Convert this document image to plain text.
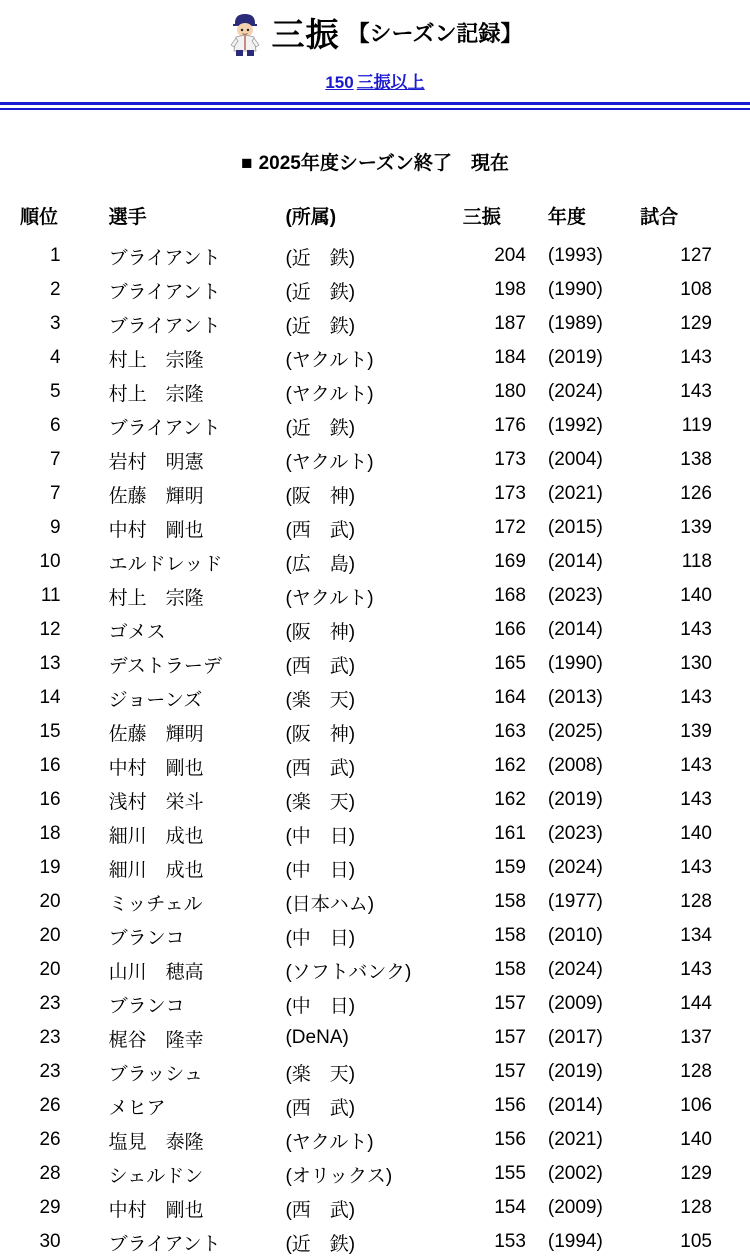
三振 【シーズン記録】
150 三振以上
■ 2025年度シーズン終了　現在
順位	選手	(所属)	三振	年度	試合
1	ブライアント	(近　鉄)	204	(1993)	127
2	ブライアント	(近　鉄)	198	(1990)	108
3	ブライアント	(近　鉄)	187	(1989)	129
4	村上　宗隆	(ヤクルト)	184	(2019)	143
5	村上　宗隆	(ヤクルト)	180	(2024)	143
6	ブライアント	(近　鉄)	176	(1992)	119
7	岩村　明憲	(ヤクルト)	173	(2004)	138
7	佐藤　輝明	(阪　神)	173	(2021)	126
9	中村　剛也	(西　武)	172	(2015)	139
10	エルドレッド	(広　島)	169	(2014)	118
11	村上　宗隆	(ヤクルト)	168	(2023)	140
12	ゴメス	(阪　神)	166	(2014)	143
13	デストラーデ	(西　武)	165	(1990)	130
14	ジョーンズ	(楽　天)	164	(2013)	143
15	佐藤　輝明	(阪　神)	163	(2025)	139
16	中村　剛也	(西　武)	162	(2008)	143
16	浅村　栄斗	(楽　天)	162	(2019)	143
18	細川　成也	(中　日)	161	(2023)	140
19	細川　成也	(中　日)	159	(2024)	143
20	ミッチェル	(日本ハム)	158	(1977)	128
20	ブランコ	(中　日)	158	(2010)	134
20	山川　穂高	(ソフトバンク)	158	(2024)	143
23	ブランコ	(中　日)	157	(2009)	144
23	梶谷　隆幸	(DeNA)	157	(2017)	137
23	ブラッシュ	(楽　天)	157	(2019)	128
26	メヒア	(西　武)	156	(2014)	106
26	塩見　泰隆	(ヤクルト)	156	(2021)	140
28	シェルドン	(オリックス)	155	(2002)	129
29	中村　剛也	(西　武)	154	(2009)	128
30	ブライアント	(近　鉄)	153	(1994)	105
